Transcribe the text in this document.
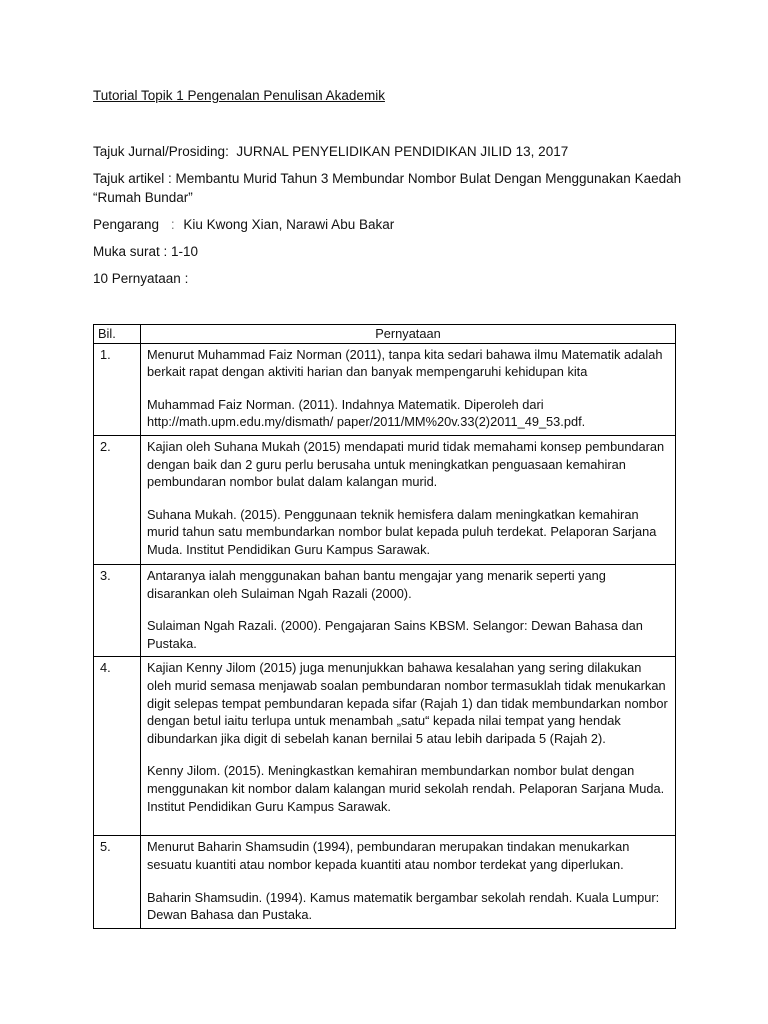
Tutorial Topik 1 Pengenalan Penulisan Akademik
Tajuk Jurnal/Prosiding: JURNAL PENYELIDIKAN PENDIDIKAN JILID 13, 2017
Tajuk artikel : Membantu Murid Tahun 3 Membundar Nombor Bulat Dengan Menggunakan Kaedah “Rumah Bundar”
Pengarang : Kiu Kwong Xian, Narawi Abu Bakar
Muka surat : 1-10
10 Pernyataan :
Bil.	Pernyataan
1.	Menurut Muhammad Faiz Norman (2011), tanpa kita sedari bahawa ilmu Matematik adalah berkait rapat dengan aktiviti harian dan banyak mempengaruhi kehidupan kita

Muhammad Faiz Norman. (2011). Indahnya Matematik. Diperoleh dari http://math.upm.edu.my/dismath/ paper/2011/MM%20v.33(2)2011_49_53.pdf.

2.	Kajian oleh Suhana Mukah (2015) mendapati murid tidak memahami konsep pembundaran dengan baik dan 2 guru perlu berusaha untuk meningkatkan penguasaan kemahiran pembundaran nombor bulat dalam kalangan murid.

Suhana Mukah. (2015). Penggunaan teknik hemisfera dalam meningkatkan kemahiran murid tahun satu membundarkan nombor bulat kepada puluh terdekat. Pelaporan Sarjana Muda. Institut Pendidikan Guru Kampus Sarawak.

3.	Antaranya ialah menggunakan bahan bantu mengajar yang menarik seperti yang disarankan oleh Sulaiman Ngah Razali (2000).

Sulaiman Ngah Razali. (2000). Pengajaran Sains KBSM. Selangor: Dewan Bahasa dan Pustaka.

4.	Kajian Kenny Jilom (2015) juga menunjukkan bahawa kesalahan yang sering dilakukan oleh murid semasa menjawab soalan pembundaran nombor termasuklah tidak menukarkan digit selepas tempat pembundaran kepada sifar (Rajah 1) dan tidak membundarkan nombor dengan betul iaitu terlupa untuk menambah „satu“ kepada nilai tempat yang hendak dibundarkan jika digit di sebelah kanan bernilai 5 atau lebih daripada 5 (Rajah 2).

Kenny Jilom. (2015). Meningkastkan kemahiran membundarkan nombor bulat dengan menggunakan kit nombor dalam kalangan murid sekolah rendah. Pelaporan Sarjana Muda. Institut Pendidikan Guru Kampus Sarawak.

5.	Menurut Baharin Shamsudin (1994), pembundaran merupakan tindakan menukarkan sesuatu kuantiti atau nombor kepada kuantiti atau nombor terdekat yang diperlukan.

Baharin Shamsudin. (1994). Kamus matematik bergambar sekolah rendah. Kuala Lumpur: Dewan Bahasa dan Pustaka.
